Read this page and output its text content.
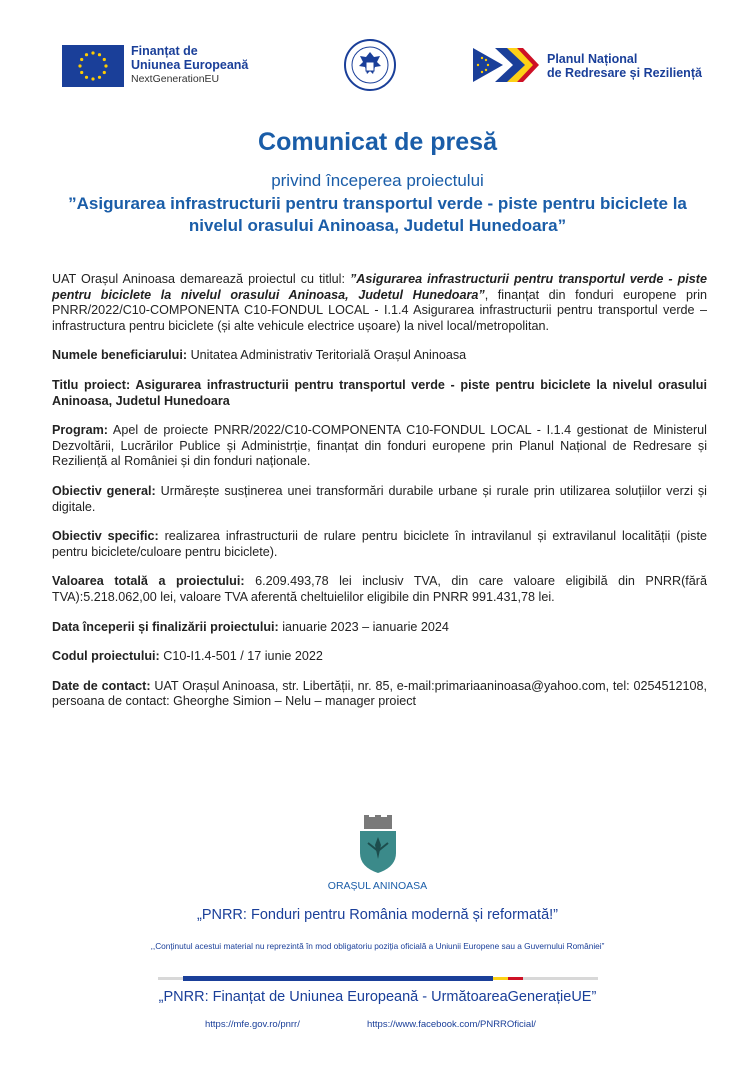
Finanțat de
Uniunea Europeană
NextGenerationEU
Planul Național
de Redresare și Reziliență
Comunicat de presă
privind începerea proiectului
”Asigurarea infrastructurii pentru transportul verde - piste pentru biciclete la nivelul orasului Aninoasa, Judetul Hunedoara”

UAT Orașul Aninoasa demarează proiectul cu titlul: ”Asigurarea infrastructurii pentru transportul verde - piste pentru biciclete la nivelul orasului Aninoasa, Judetul Hunedoara”, finanțat din fonduri europene prin PNRR/2022/C10-COMPONENTA C10-FONDUL LOCAL - I.1.4 Asigurarea infrastructurii pentru transportul verde – infrastructura pentru biciclete (și alte vehicule electrice ușoare) la nivel local/metropolitan.

Numele beneficiarului: Unitatea Administrativ Teritorială Orașul Aninoasa

Titlu proiect: Asigurarea infrastructurii pentru transportul verde - piste pentru biciclete la nivelul orasului Aninoasa, Judetul Hunedoara

Program: Apel de proiecte PNRR/2022/C10-COMPONENTA C10-FONDUL LOCAL - I.1.4 gestionat de Ministerul Dezvoltării, Lucrărilor Publice și Administrție, finanțat din fonduri europene prin Planul Național de Redresare și Reziliență al României și din fonduri naționale.

Obiectiv general: Urmărește susținerea unei transformări durabile urbane și rurale prin utilizarea soluțiilor verzi și digitale.

Obiectiv specific: realizarea infrastructurii de rulare pentru biciclete în intravilanul și extravilanul localității (piste pentru biciclete/culoare pentru biciclete).

Valoarea totală a proiectului: 6.209.493,78 lei inclusiv TVA, din care valoare eligibilă din PNRR(fără TVA):5.218.062,00 lei, valoare TVA aferentă cheltuielilor eligibile din PNRR 991.431,78 lei.

Data începerii și finalizării proiectului: ianuarie 2023 – ianuarie 2024

Codul proiectului: C10-I1.4-501 / 17 iunie 2022

Date de contact: UAT Orașul Aninoasa, str. Libertății, nr. 85, e-mail:primariaaninoasa@yahoo.com, tel: 0254512108, persoana de contact: Gheorghe Simion – Nelu – manager proiect

ORAȘUL ANINOASA
„PNRR: Fonduri pentru România modernă și reformată!”
,,Conținutul acestui material nu reprezintă în mod obligatoriu poziția oficială a Uniunii Europene sau a Guvernului României”
„PNRR: Finanțat de Uniunea Europeană - UrmătoareaGenerațieUE”
https://mfe.gov.ro/pnrr/	https://www.facebook.com/PNRROficial/
